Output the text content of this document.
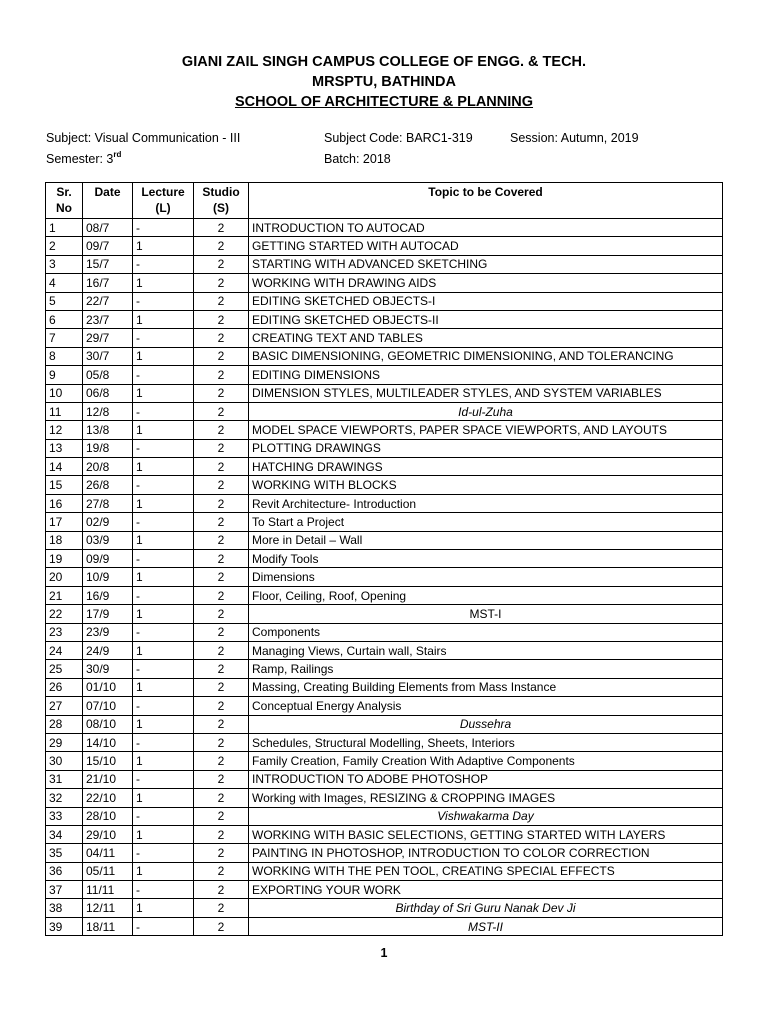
GIANI ZAIL SINGH CAMPUS COLLEGE OF ENGG. & TECH.
MRSPTU, BATHINDA
SCHOOL OF ARCHITECTURE & PLANNING
Subject: Visual Communication - III	Subject Code: BARC1-319	Session: Autumn, 2019
Semester: 3rd	Batch: 2018
Sr. No	Date	Lecture (L)	Studio (S)	Topic to be Covered
1	08/7	-	2	INTRODUCTION TO AUTOCAD
2	09/7	1	2	GETTING STARTED WITH AUTOCAD
3	15/7	-	2	STARTING WITH ADVANCED SKETCHING
4	16/7	1	2	WORKING WITH DRAWING AIDS
5	22/7	-	2	EDITING SKETCHED OBJECTS-I
6	23/7	1	2	EDITING SKETCHED OBJECTS-II
7	29/7	-	2	CREATING TEXT AND TABLES
8	30/7	1	2	BASIC DIMENSIONING, GEOMETRIC DIMENSIONING, AND TOLERANCING
9	05/8	-	2	EDITING DIMENSIONS
10	06/8	1	2	DIMENSION STYLES, MULTILEADER STYLES, AND SYSTEM VARIABLES
11	12/8	-	2	Id-ul-Zuha
12	13/8	1	2	MODEL SPACE VIEWPORTS, PAPER SPACE VIEWPORTS, AND LAYOUTS
13	19/8	-	2	PLOTTING DRAWINGS
14	20/8	1	2	HATCHING DRAWINGS
15	26/8	-	2	WORKING WITH BLOCKS
16	27/8	1	2	Revit Architecture- Introduction
17	02/9	-	2	To Start a Project
18	03/9	1	2	More in Detail – Wall
19	09/9	-	2	Modify Tools
20	10/9	1	2	Dimensions
21	16/9	-	2	Floor, Ceiling, Roof, Opening
22	17/9	1	2	MST-I
23	23/9	-	2	Components
24	24/9	1	2	Managing Views, Curtain wall, Stairs
25	30/9	-	2	Ramp, Railings
26	01/10	1	2	Massing, Creating Building Elements from Mass Instance
27	07/10	-	2	Conceptual Energy Analysis
28	08/10	1	2	Dussehra
29	14/10	-	2	Schedules, Structural Modelling, Sheets, Interiors
30	15/10	1	2	Family Creation, Family Creation With Adaptive Components
31	21/10	-	2	INTRODUCTION TO ADOBE PHOTOSHOP
32	22/10	1	2	Working with Images, RESIZING & CROPPING IMAGES
33	28/10	-	2	Vishwakarma Day
34	29/10	1	2	WORKING WITH BASIC SELECTIONS, GETTING STARTED WITH LAYERS
35	04/11	-	2	PAINTING IN PHOTOSHOP, INTRODUCTION TO COLOR CORRECTION
36	05/11	1	2	WORKING WITH THE PEN TOOL, CREATING SPECIAL EFFECTS
37	11/11	-	2	EXPORTING YOUR WORK
38	12/11	1	2	Birthday of Sri Guru Nanak Dev Ji
39	18/11	-	2	MST-II
1
